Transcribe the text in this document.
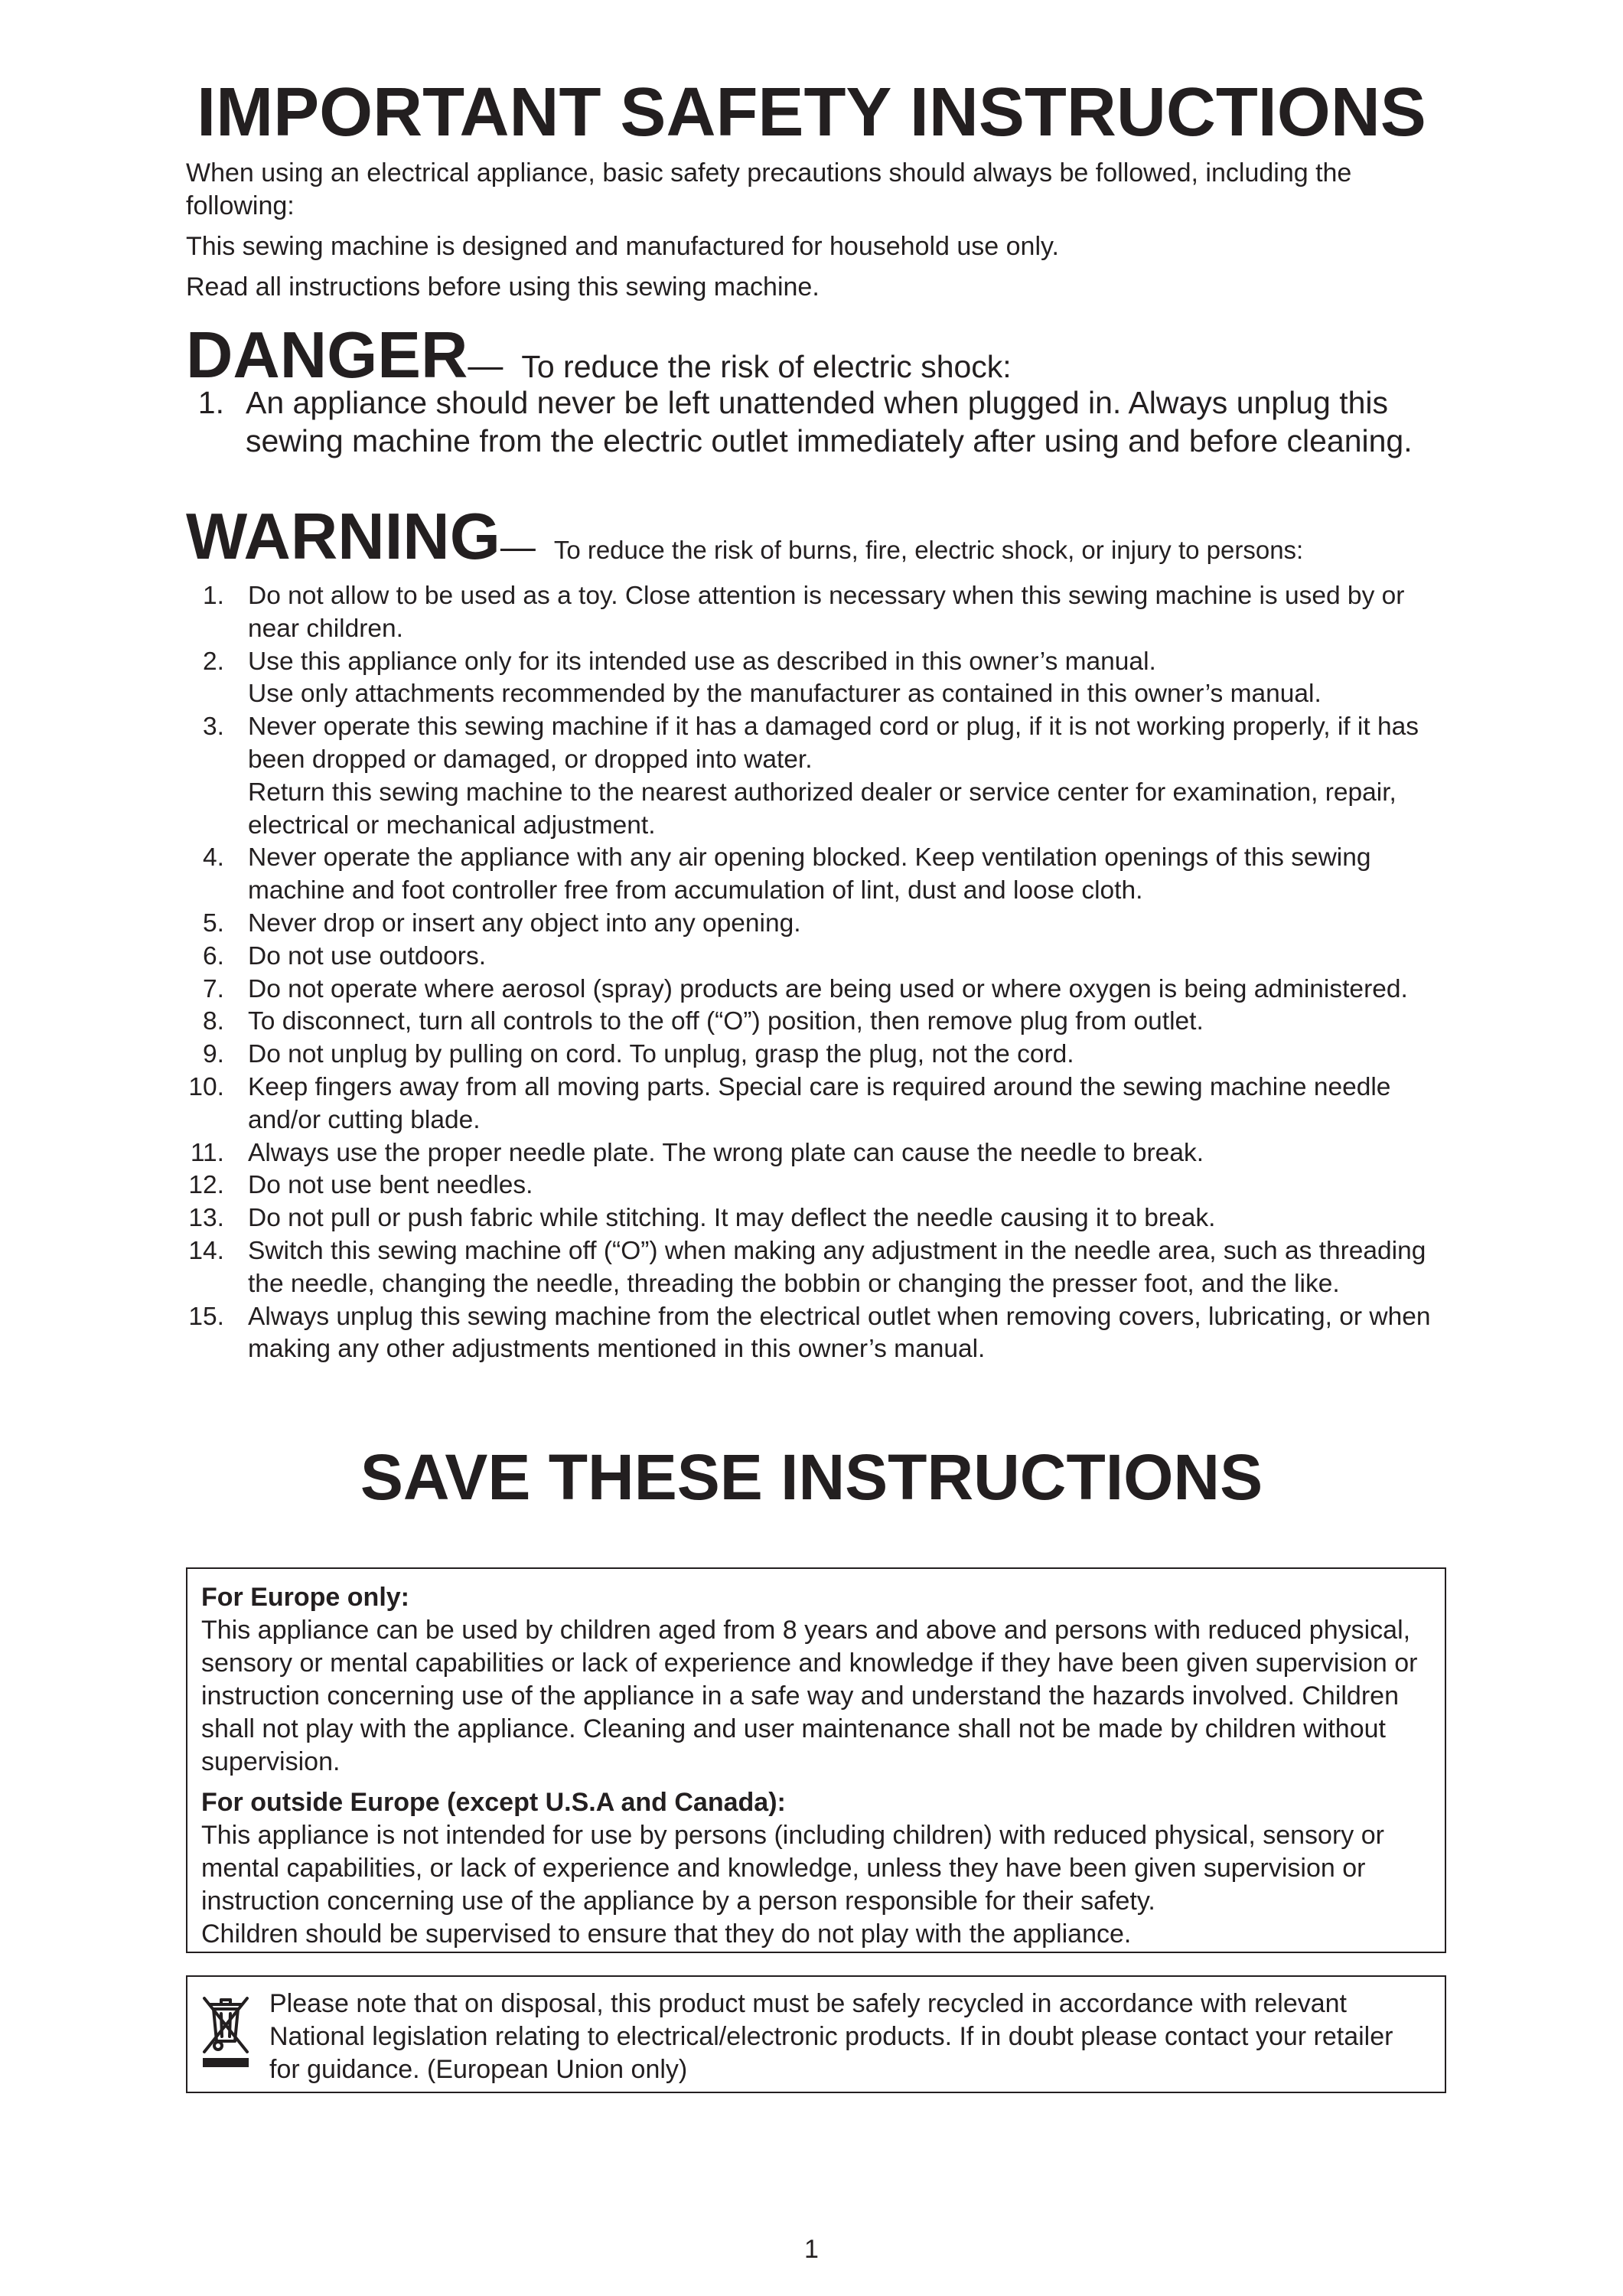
IMPORTANT SAFETY INSTRUCTIONS

When using an electrical appliance, basic safety precautions should always be followed, including the following:

This sewing machine is designed and manufactured for household use only.

Read all instructions before using this sewing machine.

DANGER— To reduce the risk of electric shock:
1. An appliance should never be left unattended when plugged in. Always unplug this sewing machine from the electric outlet immediately after using and before cleaning.
WARNING— To reduce the risk of burns, fire, electric shock, or injury to persons:
1. Do not allow to be used as a toy. Close attention is necessary when this sewing machine is used by or near children.
2. Use this appliance only for its intended use as described in this owner’s manual.
Use only attachments recommended by the manufacturer as contained in this owner’s manual.
3. Never operate this sewing machine if it has a damaged cord or plug, if it is not working properly, if it has been dropped or damaged, or dropped into water.
Return this sewing machine to the nearest authorized dealer or service center for examination, repair, electrical or mechanical adjustment.
4. Never operate the appliance with any air opening blocked. Keep ventilation openings of this sewing machine and foot controller free from accumulation of lint, dust and loose cloth.
5. Never drop or insert any object into any opening.
6. Do not use outdoors.
7. Do not operate where aerosol (spray) products are being used or where oxygen is being administered.
8. To disconnect, turn all controls to the off (“O”) position, then remove plug from outlet.
9. Do not unplug by pulling on cord. To unplug, grasp the plug, not the cord.
10. Keep fingers away from all moving parts. Special care is required around the sewing machine needle and/or cutting blade.
11. Always use the proper needle plate. The wrong plate can cause the needle to break.
12. Do not use bent needles.
13. Do not pull or push fabric while stitching. It may deflect the needle causing it to break.
14. Switch this sewing machine off (“O”) when making any adjustment in the needle area, such as threading the needle, changing the needle, threading the bobbin or changing the presser foot, and the like.
15. Always unplug this sewing machine from the electrical outlet when removing covers, lubricating, or when making any other adjustments mentioned in this owner’s manual.
SAVE THESE INSTRUCTIONS
For Europe only:
This appliance can be used by children aged from 8 years and above and persons with reduced physical, sensory or mental capabilities or lack of experience and knowledge if they have been given supervision or instruction concerning use of the appliance in a safe way and understand the hazards involved. Children shall not play with the appliance. Cleaning and user maintenance shall not be made by children without supervision.
For outside Europe (except U.S.A and Canada):
This appliance is not intended for use by persons (including children) with reduced physical, sensory or mental capabilities, or lack of experience and knowledge, unless they have been given supervision or instruction concerning use of the appliance by a person responsible for their safety.
Children should be supervised to ensure that they do not play with the appliance.
Please note that on disposal, this product must be safely recycled in accordance with relevant National legislation relating to electrical/electronic products. If in doubt please contact your retailer for guidance. (European Union only)
1
